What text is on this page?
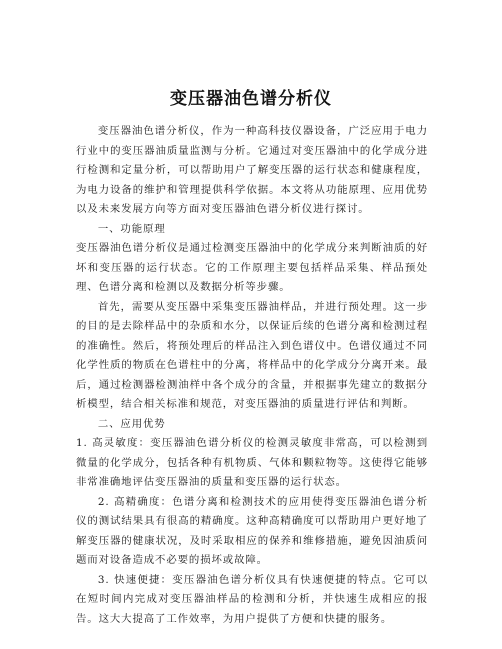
变压器油色谱分析仪

变压器油色谱分析仪，作为一种高科技仪器设备，广泛应用于电力行业中的变压器油质量监测与分析。它通过对变压器油中的化学成分进行检测和定量分析，可以帮助用户了解变压器的运行状态和健康程度，为电力设备的维护和管理提供科学依据。本文将从功能原理、应用优势以及未来发展方向等方面对变压器油色谱分析仪进行探讨。

一、功能原理

变压器油色谱分析仪是通过检测变压器油中的化学成分来判断油质的好坏和变压器的运行状态。它的工作原理主要包括样品采集、样品预处理、色谱分离和检测以及数据分析等步骤。

首先，需要从变压器中采集变压器油样品，并进行预处理。这一步的目的是去除样品中的杂质和水分，以保证后续的色谱分离和检测过程的准确性。然后，将预处理后的样品注入到色谱仪中。色谱仪通过不同化学性质的物质在色谱柱中的分离，将样品中的化学成分分离开来。最后，通过检测器检测油样中各个成分的含量，并根据事先建立的数据分析模型，结合相关标准和规范，对变压器油的质量进行评估和判断。

二、应用优势

1. 高灵敏度：变压器油色谱分析仪的检测灵敏度非常高，可以检测到微量的化学成分，包括各种有机物质、气体和颗粒物等。这使得它能够非常准确地评估变压器油的质量和变压器的运行状态。

2. 高精确度：色谱分离和检测技术的应用使得变压器油色谱分析仪的测试结果具有很高的精确度。这种高精确度可以帮助用户更好地了解变压器的健康状况，及时采取相应的保养和维修措施，避免因油质问题而对设备造成不必要的损坏或故障。

3. 快速便捷：变压器油色谱分析仪具有快速便捷的特点。它可以在短时间内完成对变压器油样品的检测和分析，并快速生成相应的报告。这大大提高了工作效率，为用户提供了方便和快捷的服务。
